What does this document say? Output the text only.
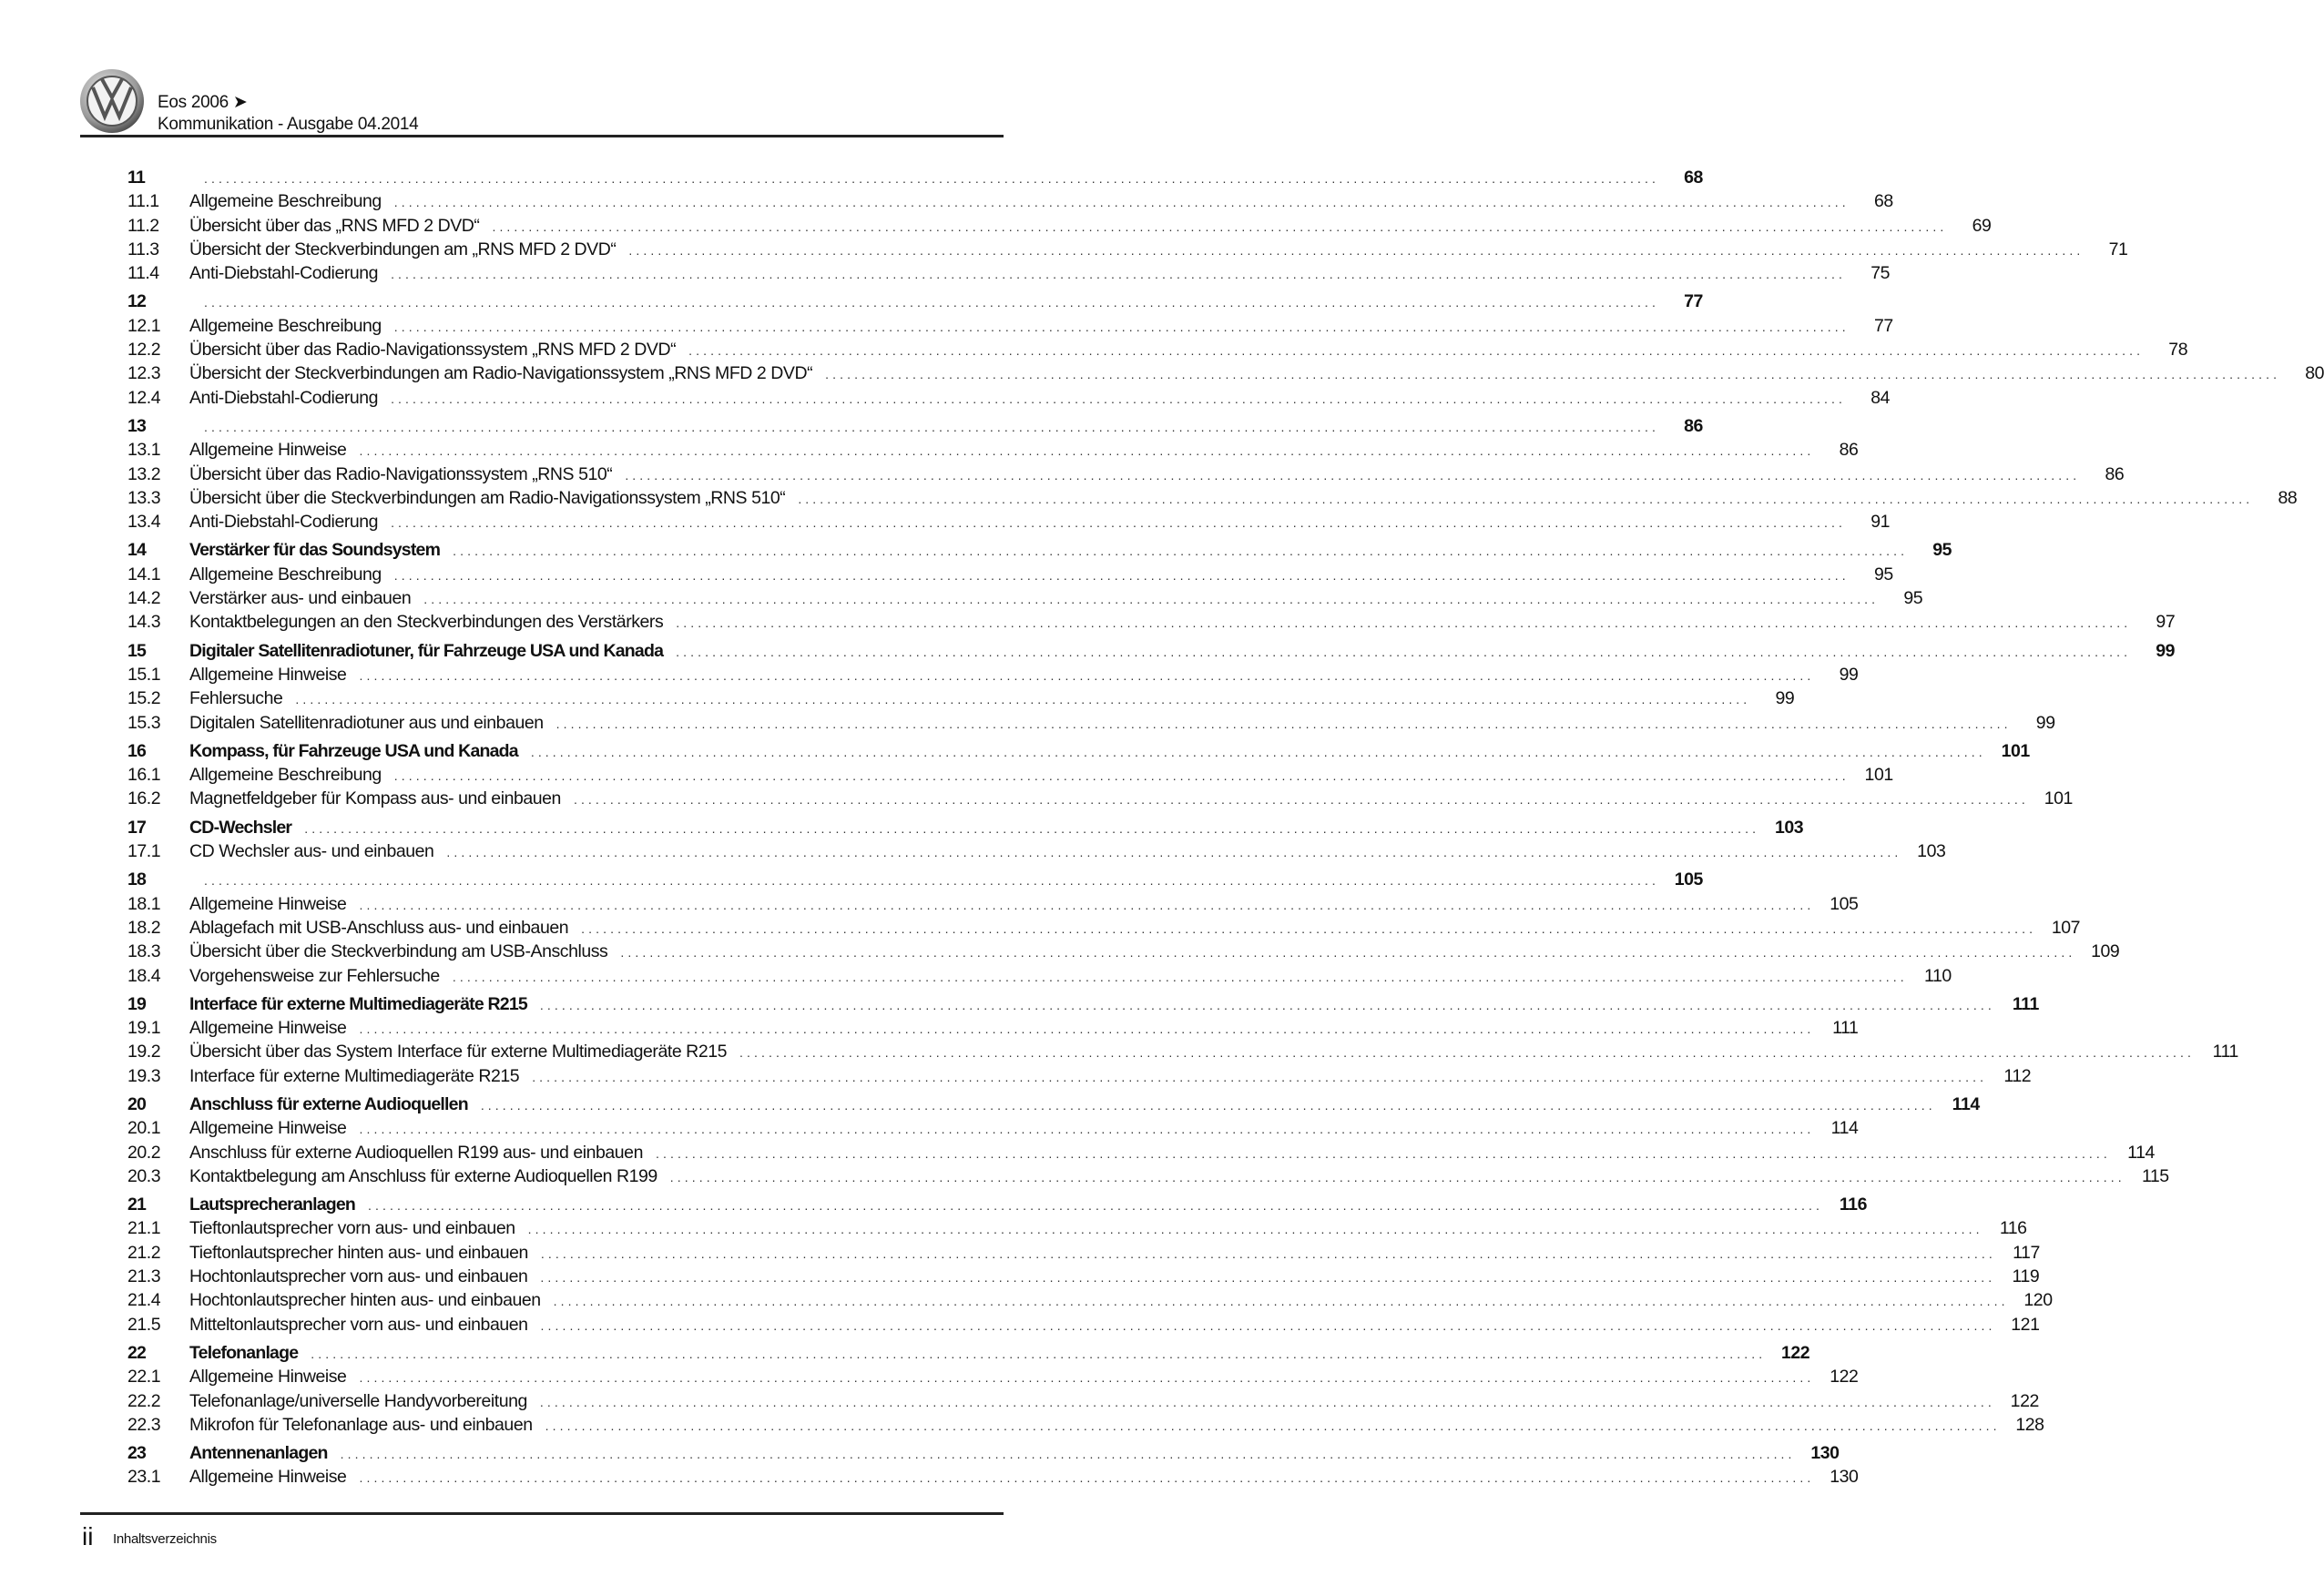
Eos 2006 ➤
Kommunikation - Ausgabe 04.2014
11	........................................................................................................................................................................................................	68
11.1	Allgemeine Beschreibung	........................................................................................................................................................................................................	68
11.2	Übersicht über das „RNS MFD 2 DVD“	........................................................................................................................................................................................................	69
11.3	Übersicht der Steckverbindungen am „RNS MFD 2 DVD“	........................................................................................................................................................................................................	71
11.4	Anti-Diebstahl-Codierung	........................................................................................................................................................................................................	75
12	........................................................................................................................................................................................................	77
12.1	Allgemeine Beschreibung	........................................................................................................................................................................................................	77
12.2	Übersicht über das Radio-Navigationssystem „RNS MFD 2 DVD“	........................................................................................................................................................................................................	78
12.3	Übersicht der Steckverbindungen am Radio-Navigationssystem „RNS MFD 2 DVD“	........................................................................................................................................................................................................	80
12.4	Anti-Diebstahl-Codierung	........................................................................................................................................................................................................	84
13	........................................................................................................................................................................................................	86
13.1	Allgemeine Hinweise	........................................................................................................................................................................................................	86
13.2	Übersicht über das Radio-Navigationssystem „RNS 510“	........................................................................................................................................................................................................	86
13.3	Übersicht über die Steckverbindungen am Radio-Navigationssystem „RNS 510“	........................................................................................................................................................................................................	88
13.4	Anti-Diebstahl-Codierung	........................................................................................................................................................................................................	91
14	Verstärker für das Soundsystem	........................................................................................................................................................................................................	95
14.1	Allgemeine Beschreibung	........................................................................................................................................................................................................	95
14.2	Verstärker aus- und einbauen	........................................................................................................................................................................................................	95
14.3	Kontaktbelegungen an den Steckverbindungen des Verstärkers	........................................................................................................................................................................................................	97
15	Digitaler Satellitenradiotuner, für Fahrzeuge USA und Kanada	........................................................................................................................................................................................................	99
15.1	Allgemeine Hinweise	........................................................................................................................................................................................................	99
15.2	Fehlersuche	........................................................................................................................................................................................................	99
15.3	Digitalen Satellitenradiotuner aus und einbauen	........................................................................................................................................................................................................	99
16	Kompass, für Fahrzeuge USA und Kanada	........................................................................................................................................................................................................ 101
16.1	Allgemeine Beschreibung	........................................................................................................................................................................................................ 101
16.2	Magnetfeldgeber für Kompass aus- und einbauen	........................................................................................................................................................................................................ 101
17	CD-Wechsler	........................................................................................................................................................................................................ 103
17.1	CD Wechsler aus- und einbauen	........................................................................................................................................................................................................ 103
18	........................................................................................................................................................................................................ 105
18.1	Allgemeine Hinweise	........................................................................................................................................................................................................ 105
18.2	Ablagefach mit USB-Anschluss aus- und einbauen	........................................................................................................................................................................................................ 107
18.3	Übersicht über die Steckverbindung am USB-Anschluss	........................................................................................................................................................................................................ 109
18.4	Vorgehensweise zur Fehlersuche	........................................................................................................................................................................................................ 110
19	Interface für externe Multimediageräte R215	........................................................................................................................................................................................................ 111
19.1	Allgemeine Hinweise	........................................................................................................................................................................................................	111
19.2	Übersicht über das System Interface für externe Multimediageräte R215	........................................................................................................................................................................................................	111
19.3	Interface für externe Multimediageräte R215	........................................................................................................................................................................................................ 112
20	Anschluss für externe Audioquellen	........................................................................................................................................................................................................ 114
20.1	Allgemeine Hinweise	........................................................................................................................................................................................................ 114
20.2	Anschluss für externe Audioquellen R199 aus- und einbauen	........................................................................................................................................................................................................ 114
20.3	Kontaktbelegung am Anschluss für externe Audioquellen R199	........................................................................................................................................................................................................ 115
21	Lautsprecheranlagen	........................................................................................................................................................................................................ 116
21.1	Tieftonlautsprecher vorn aus- und einbauen	........................................................................................................................................................................................................ 116
21.2	Tieftonlautsprecher hinten aus- und einbauen	........................................................................................................................................................................................................ 117
21.3	Hochtonlautsprecher vorn aus- und einbauen	........................................................................................................................................................................................................ 119
21.4	Hochtonlautsprecher hinten aus- und einbauen	........................................................................................................................................................................................................ 120
21.5	Mitteltonlautsprecher vorn aus- und einbauen	........................................................................................................................................................................................................ 121
22	Telefonanlage	........................................................................................................................................................................................................ 122
22.1	Allgemeine Hinweise	........................................................................................................................................................................................................ 122
22.2	Telefonanlage/universelle Handyvorbereitung	........................................................................................................................................................................................................ 122
22.3	Mikrofon für Telefonanlage aus- und einbauen	........................................................................................................................................................................................................ 128
23	Antennenanlagen	........................................................................................................................................................................................................ 130
23.1	Allgemeine Hinweise	........................................................................................................................................................................................................ 130
ii Inhaltsverzeichnis
